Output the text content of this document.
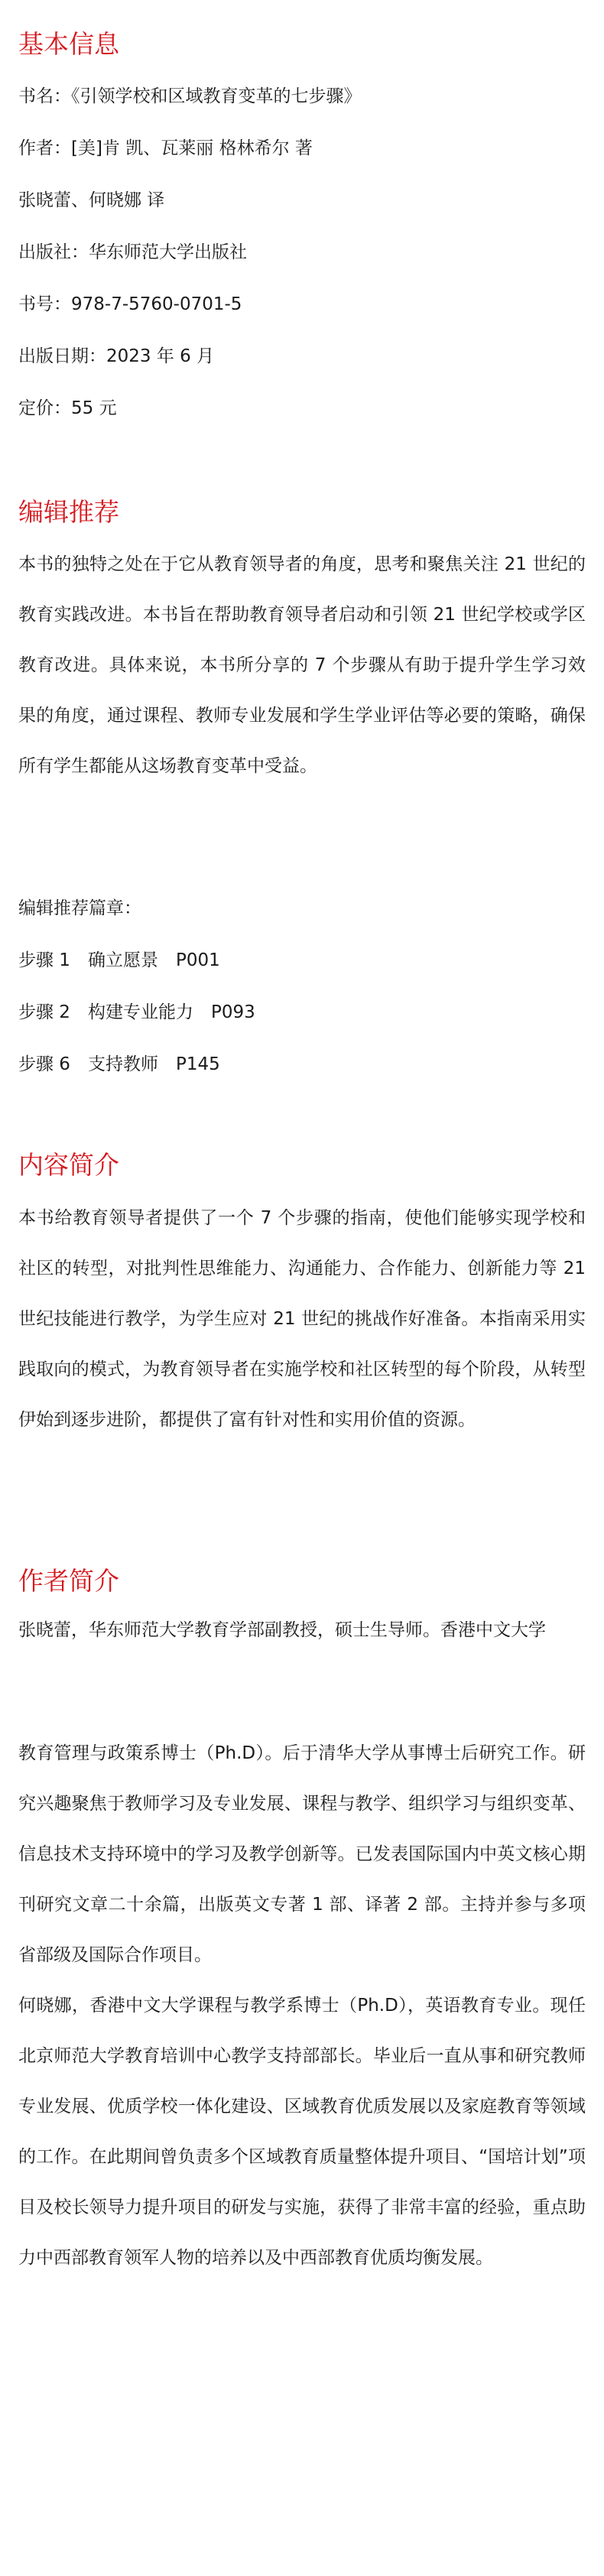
基本信息

书名：《引领学校和区域教育变革的七步骤》

作者：[美]肯 凯、瓦莱丽 格林希尔 著

张晓蕾、何晓娜 译

出版社：华东师范大学出版社

书号：978-7-5760-0701-5

出版日期：2023 年 6 月

定价：55 元

编辑推荐

本书的独特之处在于它从教育领导者的角度，思考和聚焦关注 21 世纪的教育实践改进。本书旨在帮助教育领导者启动和引领 21 世纪学校或学区教育改进。具体来说，本书所分享的 7 个步骤从有助于提升学生学习效果的角度，通过课程、教师专业发展和学生学业评估等必要的策略，确保所有学生都能从这场教育变革中受益。

编辑推荐篇章：

步骤 1　确立愿景　P001

步骤 2　构建专业能力　P093

步骤 6　支持教师　P145

内容简介

本书给教育领导者提供了一个 7 个步骤的指南，使他们能够实现学校和社区的转型，对批判性思维能力、沟通能力、合作能力、创新能力等 21 世纪技能进行教学，为学生应对 21 世纪的挑战作好准备。本指南采用实践取向的模式，为教育领导者在实施学校和社区转型的每个阶段，从转型伊始到逐步进阶，都提供了富有针对性和实用价值的资源。

作者简介

张晓蕾，华东师范大学教育学部副教授，硕士生导师。香港中文大学

教育管理与政策系博士（Ph.D）。后于清华大学从事博士后研究工作。研究兴趣聚焦于教师学习及专业发展、课程与教学、组织学习与组织变革、信息技术支持环境中的学习及教学创新等。已发表国际国内中英文核心期刊研究文章二十余篇，出版英文专著 1 部、译著 2 部。主持并参与多项省部级及国际合作项目。

何晓娜，香港中文大学课程与教学系博士（Ph.D），英语教育专业。现任北京师范大学教育培训中心教学支持部部长。毕业后一直从事和研究教师专业发展、优质学校一体化建设、区域教育优质发展以及家庭教育等领域的工作。在此期间曾负责多个区域教育质量整体提升项目、“国培计划”项目及校长领导力提升项目的研发与实施，获得了非常丰富的经验，重点助力中西部教育领军人物的培养以及中西部教育优质均衡发展。
